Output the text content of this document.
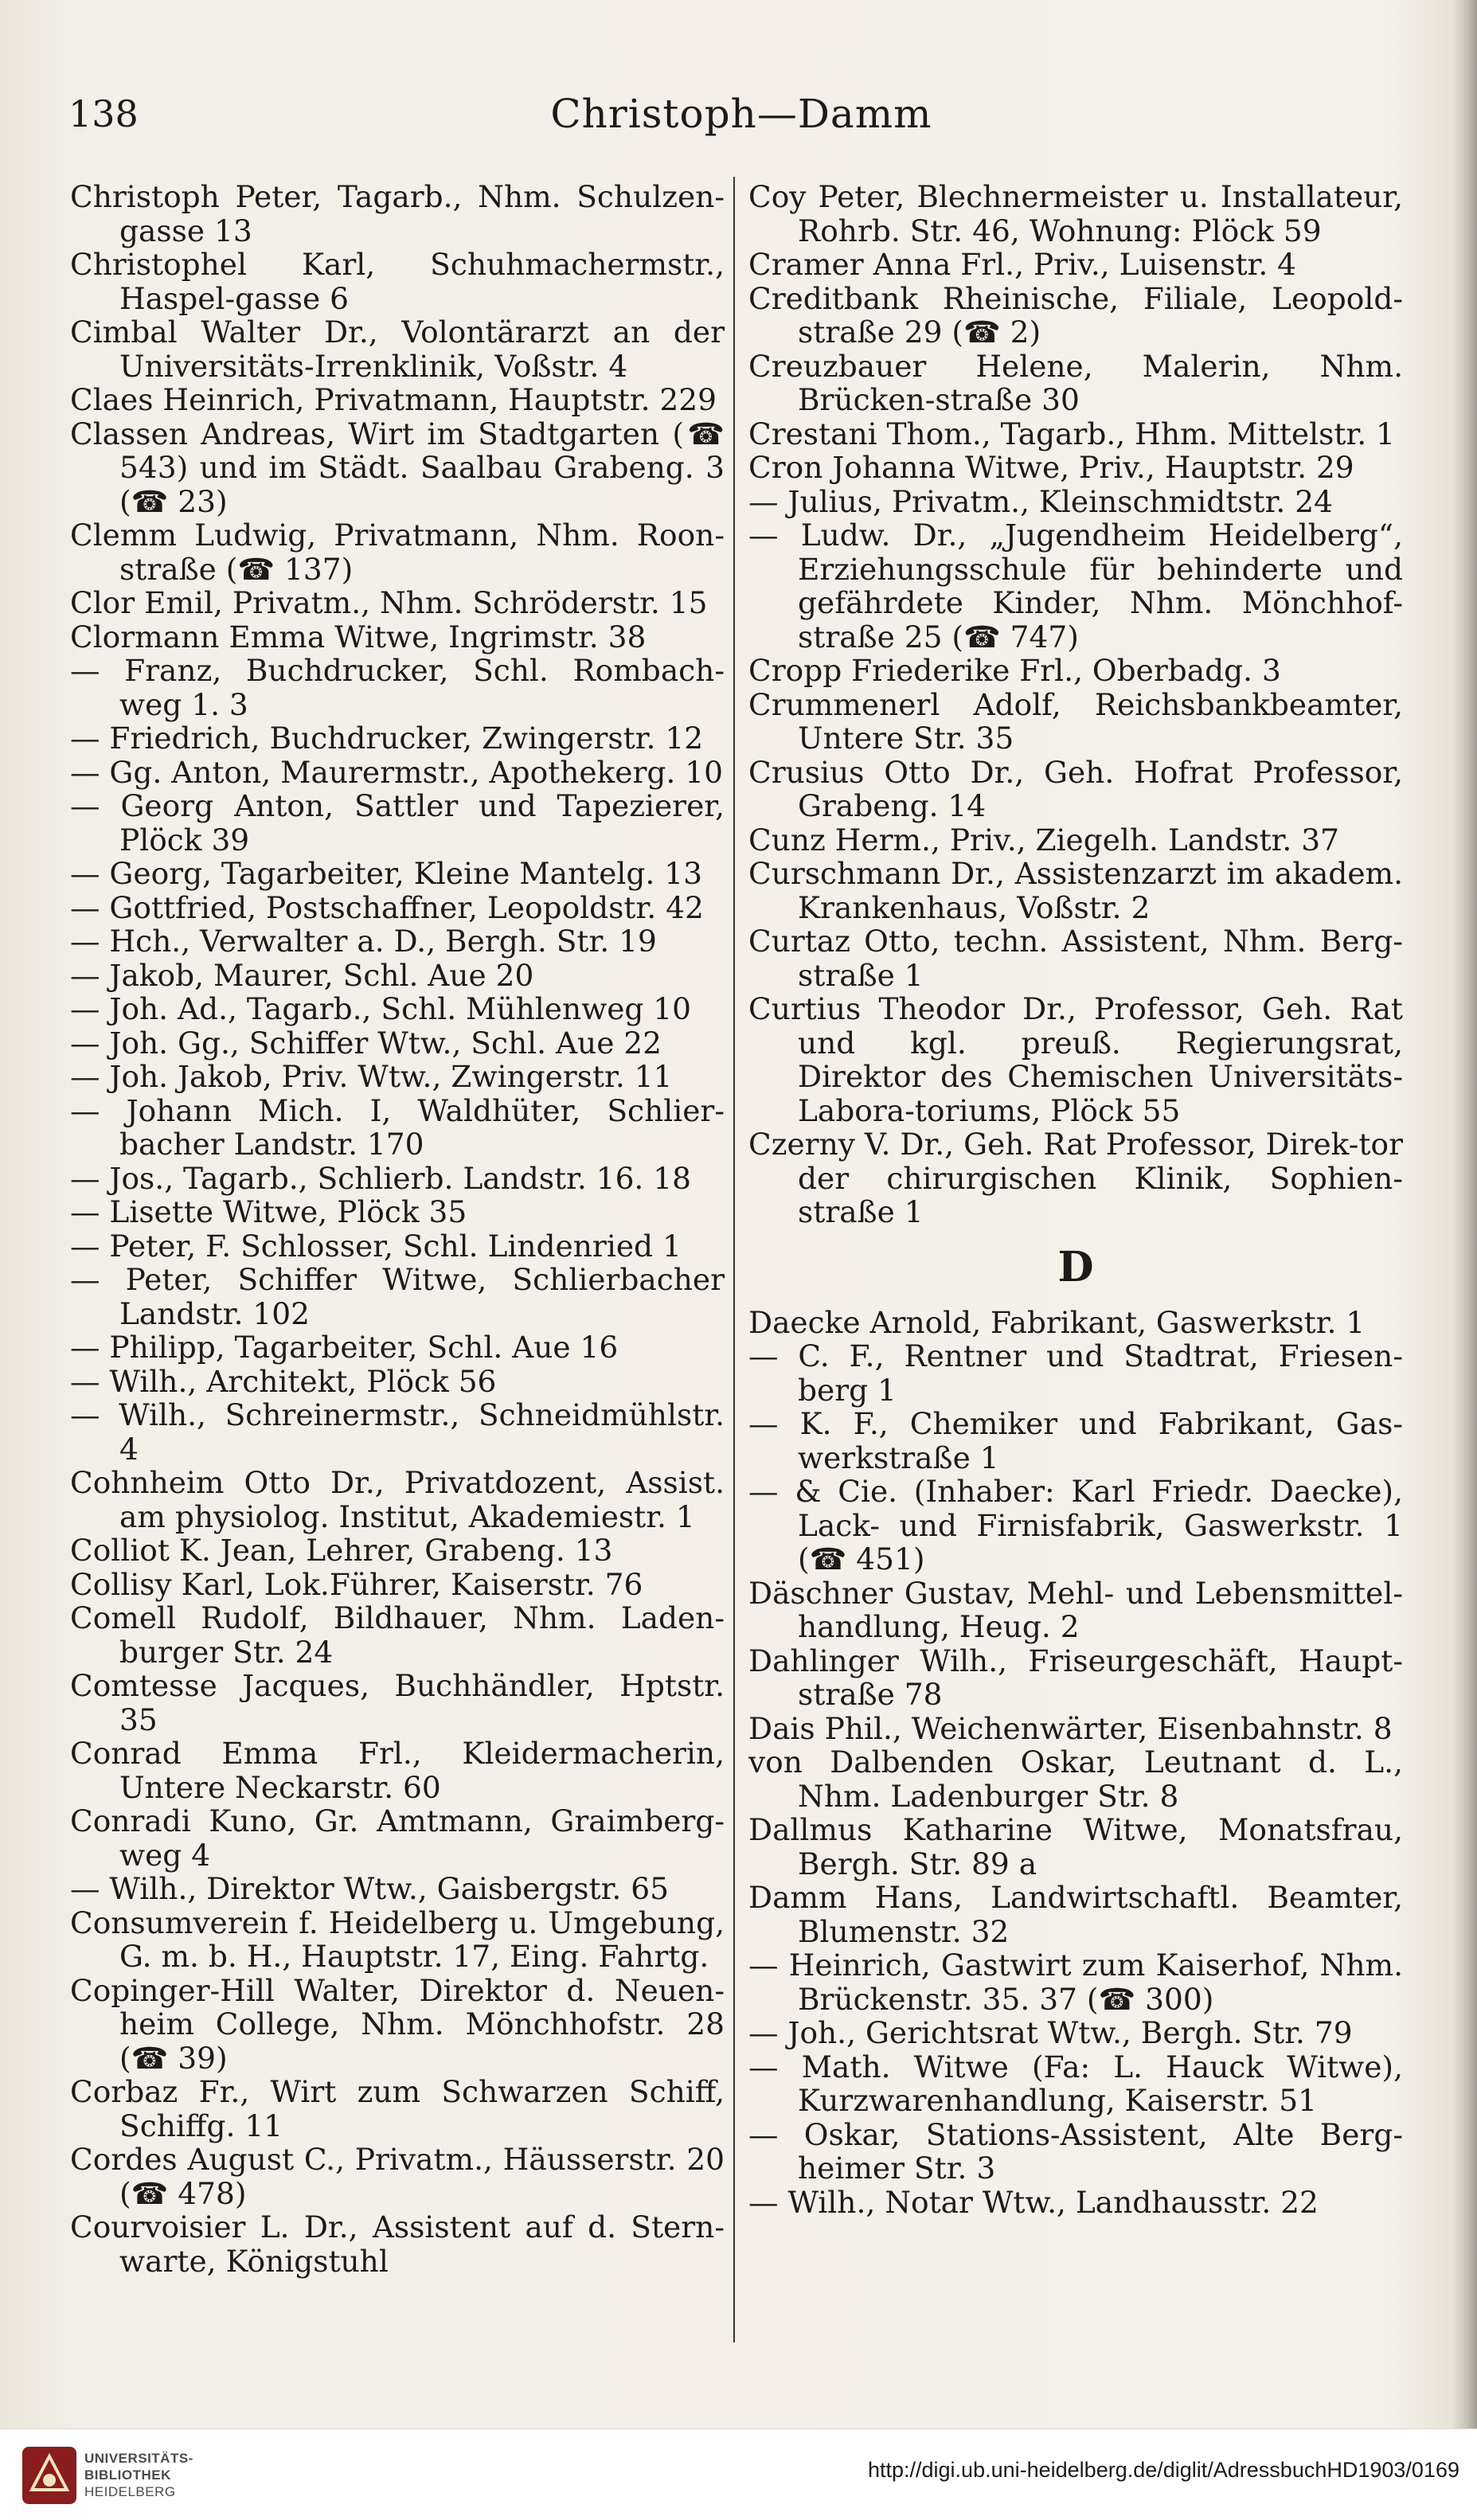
138	Christoph—Damm

Christoph Peter, Tagarb., Nhm. Schulzen-gasse 13

Christophel Karl, Schuhmachermstr., Haspel-gasse 6

Cimbal Walter Dr., Volontärarzt an der Universitäts-Irrenklinik, Voßstr. 4

Claes Heinrich, Privatmann, Hauptstr. 229

Classen Andreas, Wirt im Stadtgarten (☎ 543) und im Städt. Saalbau Grabeng. 3 (☎ 23)

Clemm Ludwig, Privatmann, Nhm. Roon-straße (☎ 137)

Clor Emil, Privatm., Nhm. Schröderstr. 15

Clormann Emma Witwe, Ingrimstr. 38

— Franz, Buchdrucker, Schl. Rombach-weg 1. 3

— Friedrich, Buchdrucker, Zwingerstr. 12

— Gg. Anton, Maurermstr., Apothekerg. 10

— Georg Anton, Sattler und Tapezierer, Plöck 39

— Georg, Tagarbeiter, Kleine Mantelg. 13

— Gottfried, Postschaffner, Leopoldstr. 42

— Hch., Verwalter a. D., Bergh. Str. 19

— Jakob, Maurer, Schl. Aue 20

— Joh. Ad., Tagarb., Schl. Mühlenweg 10

— Joh. Gg., Schiffer Wtw., Schl. Aue 22

— Joh. Jakob, Priv. Wtw., Zwingerstr. 11

— Johann Mich. I, Waldhüter, Schlier-bacher Landstr. 170

— Jos., Tagarb., Schlierb. Landstr. 16. 18

— Lisette Witwe, Plöck 35

— Peter, F. Schlosser, Schl. Lindenried 1

— Peter, Schiffer Witwe, Schlierbacher Landstr. 102

— Philipp, Tagarbeiter, Schl. Aue 16

— Wilh., Architekt, Plöck 56

— Wilh., Schreinermstr., Schneidmühlstr. 4

Cohnheim Otto Dr., Privatdozent, Assist. am physiolog. Institut, Akademiestr. 1

Colliot K. Jean, Lehrer, Grabeng. 13

Collisy Karl, Lok.Führer, Kaiserstr. 76

Comell Rudolf, Bildhauer, Nhm. Laden-burger Str. 24

Comtesse Jacques, Buchhändler, Hptstr. 35

Conrad Emma Frl., Kleidermacherin, Untere Neckarstr. 60

Conradi Kuno, Gr. Amtmann, Graimberg-weg 4

— Wilh., Direktor Wtw., Gaisbergstr. 65

Consumverein f. Heidelberg u. Umgebung, G. m. b. H., Hauptstr. 17, Eing. Fahrtg.

Copinger-Hill Walter, Direktor d. Neuen-heim College, Nhm. Mönchhofstr. 28 (☎ 39)

Corbaz Fr., Wirt zum Schwarzen Schiff, Schiffg. 11

Cordes August C., Privatm., Häusserstr. 20 (☎ 478)

Courvoisier L. Dr., Assistent auf d. Stern-warte, Königstuhl

Coy Peter, Blechnermeister u. Installateur, Rohrb. Str. 46, Wohnung: Plöck 59

Cramer Anna Frl., Priv., Luisenstr. 4

Creditbank Rheinische, Filiale, Leopold-straße 29 (☎ 2)

Creuzbauer Helene, Malerin, Nhm. Brücken-straße 30

Crestani Thom., Tagarb., Hhm. Mittelstr. 1

Cron Johanna Witwe, Priv., Hauptstr. 29

— Julius, Privatm., Kleinschmidtstr. 24

— Ludw. Dr., „Jugendheim Heidelberg“, Erziehungsschule für behinderte und gefährdete Kinder, Nhm. Mönchhof-straße 25 (☎ 747)

Cropp Friederike Frl., Oberbadg. 3

Crummenerl Adolf, Reichsbankbeamter, Untere Str. 35

Crusius Otto Dr., Geh. Hofrat Professor, Grabeng. 14

Cunz Herm., Priv., Ziegelh. Landstr. 37

Curschmann Dr., Assistenzarzt im akadem. Krankenhaus, Voßstr. 2

Curtaz Otto, techn. Assistent, Nhm. Berg-straße 1

Curtius Theodor Dr., Professor, Geh. Rat und kgl. preuß. Regierungsrat, Direktor des Chemischen Universitäts-Labora-toriums, Plöck 55

Czerny V. Dr., Geh. Rat Professor, Direk-tor der chirurgischen Klinik, Sophien-straße 1

D

Daecke Arnold, Fabrikant, Gaswerkstr. 1

— C. F., Rentner und Stadtrat, Friesen-berg 1

— K. F., Chemiker und Fabrikant, Gas-werkstraße 1

— & Cie. (Inhaber: Karl Friedr. Daecke), Lack- und Firnisfabrik, Gaswerkstr. 1 (☎ 451)

Däschner Gustav, Mehl- und Lebensmittel-handlung, Heug. 2

Dahlinger Wilh., Friseurgeschäft, Haupt-straße 78

Dais Phil., Weichenwärter, Eisenbahnstr. 8

von Dalbenden Oskar, Leutnant d. L., Nhm. Ladenburger Str. 8

Dallmus Katharine Witwe, Monatsfrau, Bergh. Str. 89 a

Damm Hans, Landwirtschaftl. Beamter, Blumenstr. 32

— Heinrich, Gastwirt zum Kaiserhof, Nhm. Brückenstr. 35. 37 (☎ 300)

— Joh., Gerichtsrat Wtw., Bergh. Str. 79

— Math. Witwe (Fa: L. Hauck Witwe), Kurzwarenhandlung, Kaiserstr. 51

— Oskar, Stations-Assistent, Alte Berg-heimer Str. 3

— Wilh., Notar Wtw., Landhausstr. 22

UNIVERSITÄTS-
BIBLIOTHEK
HEIDELBERG
http://digi.ub.uni-heidelberg.de/diglit/AdressbuchHD1903/0169
